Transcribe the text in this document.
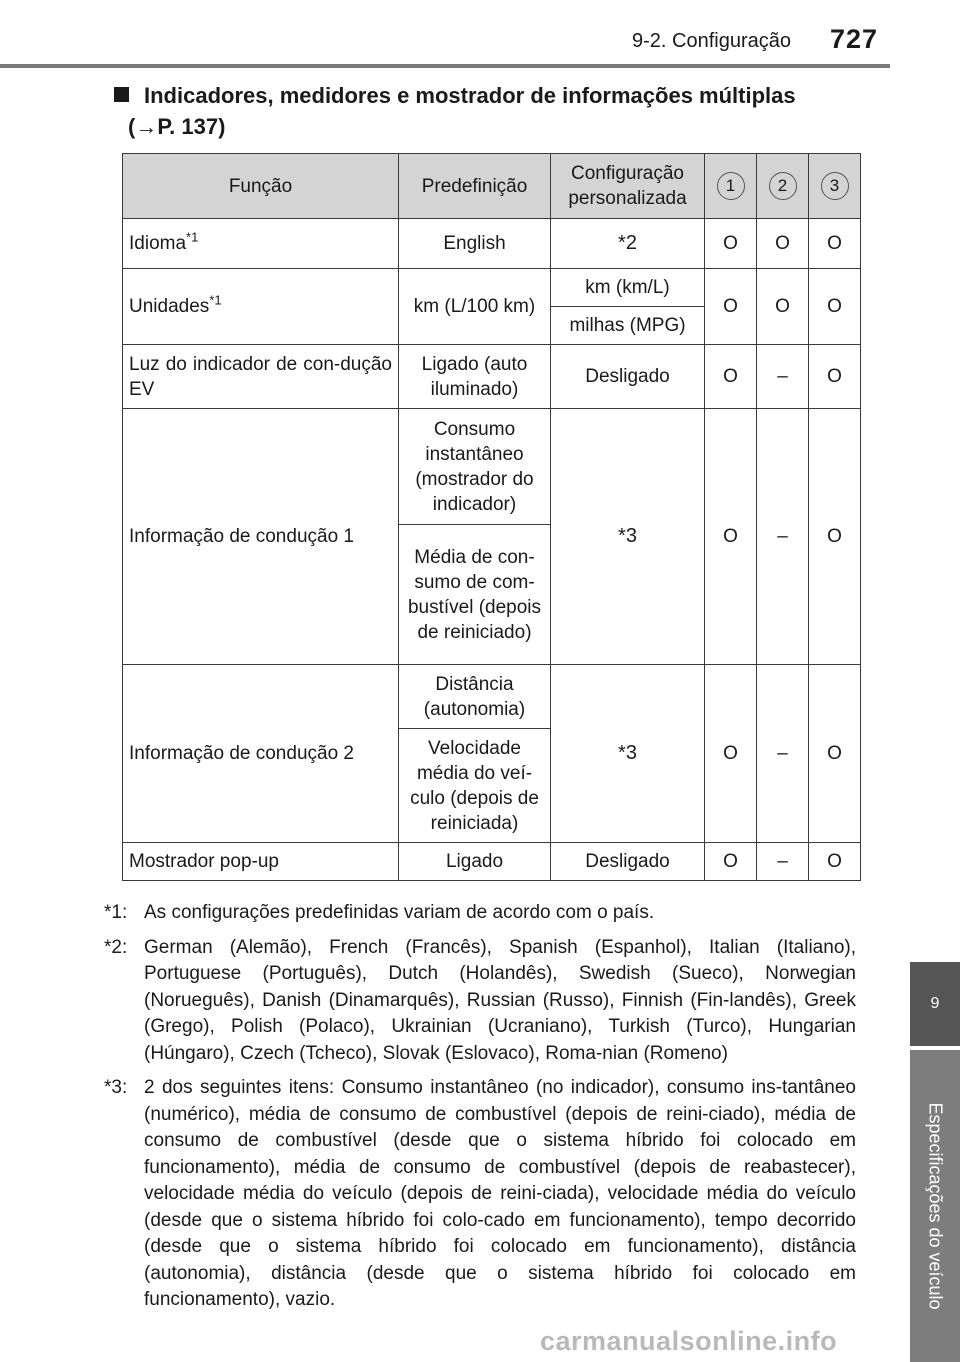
9-2. Configuração 727
9
Especificações do veículo
Indicadores, medidores e mostrador de informações múltiplas
(→P. 137)
Função	Predefinição	Configuração personalizada	1	2	3
Idioma$^{*1}$	English	*2	O	O	O
Unidades$^{*1}$	km (L/100 km)	km (km/L)	O	O	O
		milhas (MPG)			
Luz do indicador de con-dução EV	Ligado (auto iluminado)	Desligado	O	–	O
Informação de condução 1	Consumo instantâneo (mostrador do indicador)	*3	O	–	O
	Média de con-sumo de com-bustível (depois de reiniciado)				
Informação de condução 2	Distância (autonomia)	*3	O	–	O
	Velocidade média do veí-culo (depois de reiniciada)				
Mostrador pop-up	Ligado	Desligado	O	–	O
*1: As configurações predefinidas variam de acordo com o país.
*2: German (Alemão), French (Francês), Spanish (Espanhol), Italian (Italiano), Portuguese (Português), Dutch (Holandês), Swedish (Sueco), Norwegian (Norueguês), Danish (Dinamarquês), Russian (Russo), Finnish (Fin-landês), Greek (Grego), Polish (Polaco), Ukrainian (Ucraniano), Turkish (Turco), Hungarian (Húngaro), Czech (Tcheco), Slovak (Eslovaco), Roma-nian (Romeno)
*3: 2 dos seguintes itens: Consumo instantâneo (no indicador), consumo ins-tantâneo (numérico), média de consumo de combustível (depois de reini-ciado), média de consumo de combustível (desde que o sistema híbrido foi colocado em funcionamento), média de consumo de combustível (depois de reabastecer), velocidade média do veículo (depois de reini-ciada), velocidade média do veículo (desde que o sistema híbrido foi colo-cado em funcionamento), tempo decorrido (desde que o sistema híbrido foi colocado em funcionamento), distância (autonomia), distância (desde que o sistema híbrido foi colocado em funcionamento), vazio.
carmanualsonline.info
